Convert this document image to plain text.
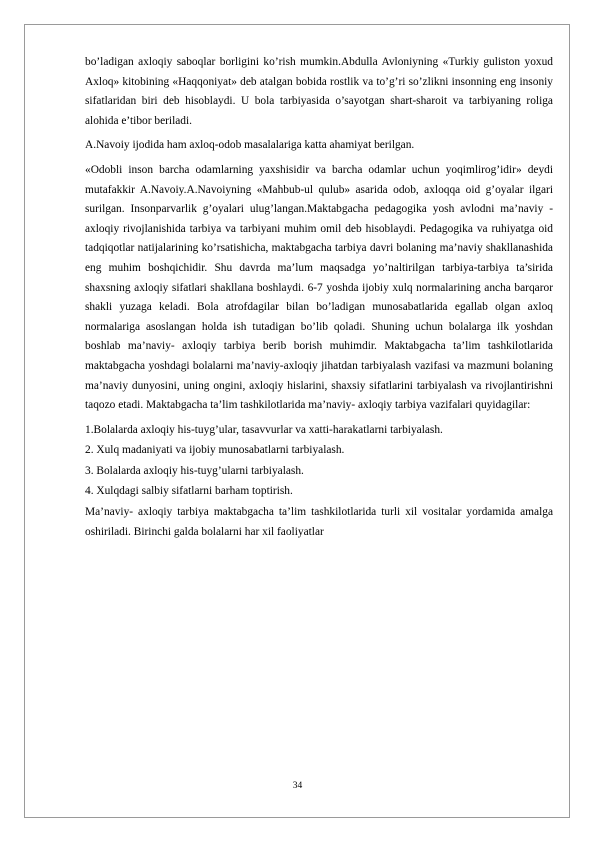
bo’ladigan axloqiy saboqlar borligini ko’rish mumkin.Abdulla Avloniyning «Turkiy guliston yoxud Axloq» kitobining «Haqqoniyat» deb atalgan bobida rostlik va to’g’ri so’zlikni insonning eng insoniy sifatlaridan biri deb hisoblaydi. U bola tarbiyasida o’sayotgan shart-sharoit va tarbiyaning roliga alohida e’tibor beriladi.

A.Navoiy ijodida ham axloq-odob masalalariga katta ahamiyat berilgan.

«Odobli inson barcha odamlarning yaxshisidir va barcha odamlar uchun yoqimlirog’idir» deydi mutafakkir A.Navoiy.A.Navoiyning «Mahbub-ul qulub» asarida odob, axloqqa oid g’oyalar ilgari surilgan. Insonparvarlik g’oyalari ulug’langan.Maktabgacha pedagogika yosh avlodni ma’naviy - axloqiy rivojlanishida tarbiya va tarbiyani muhim omil deb hisoblaydi. Pedagogika va ruhiyatga oid tadqiqotlar natijalarining ko’rsatishicha, maktabgacha tarbiya davri bolaning ma’naviy shakllanashida eng muhim boshqichidir. Shu davrda ma’lum maqsadga yo’naltirilgan tarbiya-tarbiya ta’sirida shaxsning axloqiy sifatlari shakllana boshlaydi. 6-7 yoshda ijobiy xulq normalarining ancha barqaror shakli yuzaga keladi. Bola atrofdagilar bilan bo’ladigan munosabatlarida egallab olgan axloq normalariga asoslangan holda ish tutadigan bo’lib qoladi. Shuning uchun bolalarga ilk yoshdan boshlab ma’naviy- axloqiy tarbiya berib borish muhimdir. Maktabgacha ta’lim tashkilotlarida maktabgacha yoshdagi bolalarni ma’naviy-axloqiy jihatdan tarbiyalash vazifasi va mazmuni bolaning ma’naviy dunyosini, uning ongini, axloqiy hislarini, shaxsiy sifatlarini tarbiyalash va rivojlantirishni taqozo etadi. Maktabgacha ta’lim tashkilotlarida ma’naviy- axloqiy tarbiya vazifalari quyidagilar:

1.Bolalarda axloqiy his-tuyg’ular, tasavvurlar va xatti-harakatlarni tarbiyalash.

2. Xulq madaniyati va ijobiy munosabatlarni tarbiyalash.

3. Bolalarda axloqiy his-tuyg’ularni tarbiyalash.

4. Xulqdagi salbiy sifatlarni barham toptirish.

Ma’naviy- axloqiy tarbiya maktabgacha ta’lim tashkilotlarida turli xil vositalar yordamida amalga oshiriladi. Birinchi galda bolalarni har xil faoliyatlar

34
